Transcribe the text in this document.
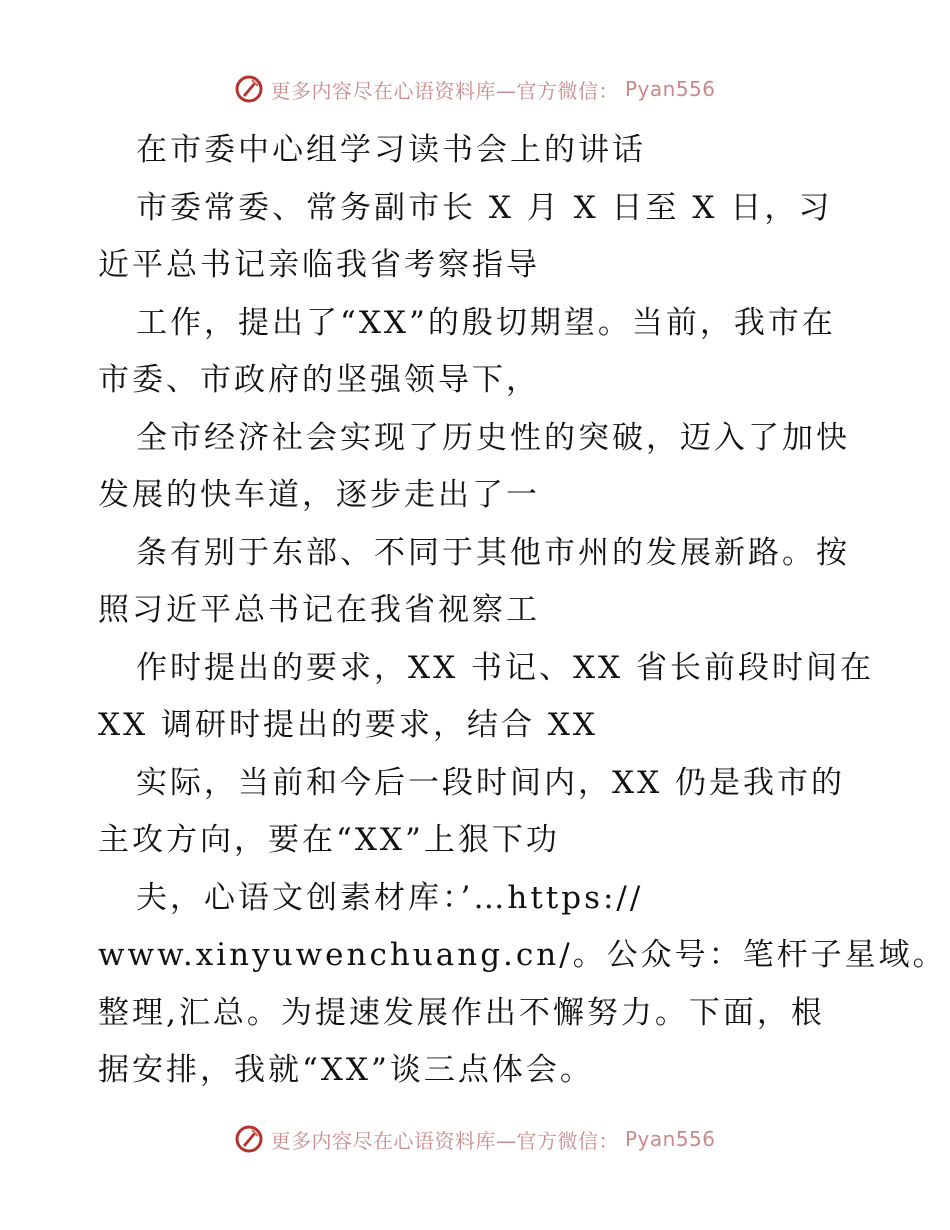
更多内容尽在心语资料库—官方微信： Pyan556
在市委中心组学习读书会上的讲话
市委常委、常务副市长 X 月 X 日至 X 日，习
近平总书记亲临我省考察指导
工作，提出了“XX”的殷切期望。当前，我市在
市委、市政府的坚强领导下，
全市经济社会实现了历史性的突破，迈入了加快
发展的快车道，逐步走出了一
条有别于东部、不同于其他市州的发展新路。按
照习近平总书记在我省视察工
作时提出的要求，XX 书记、XX 省长前段时间在
XX 调研时提出的要求，结合 XX
实际，当前和今后一段时间内，XX 仍是我市的
主攻方向，要在“XX”上狠下功
夫，心语文创素材库：’…https://
www.xinyuwenchuang.cn/。公众号：笔杆子星域。
整理,汇总。为提速发展作出不懈努力。下面，根
据安排，我就“XX”谈三点体会。
更多内容尽在心语资料库—官方微信： Pyan556
